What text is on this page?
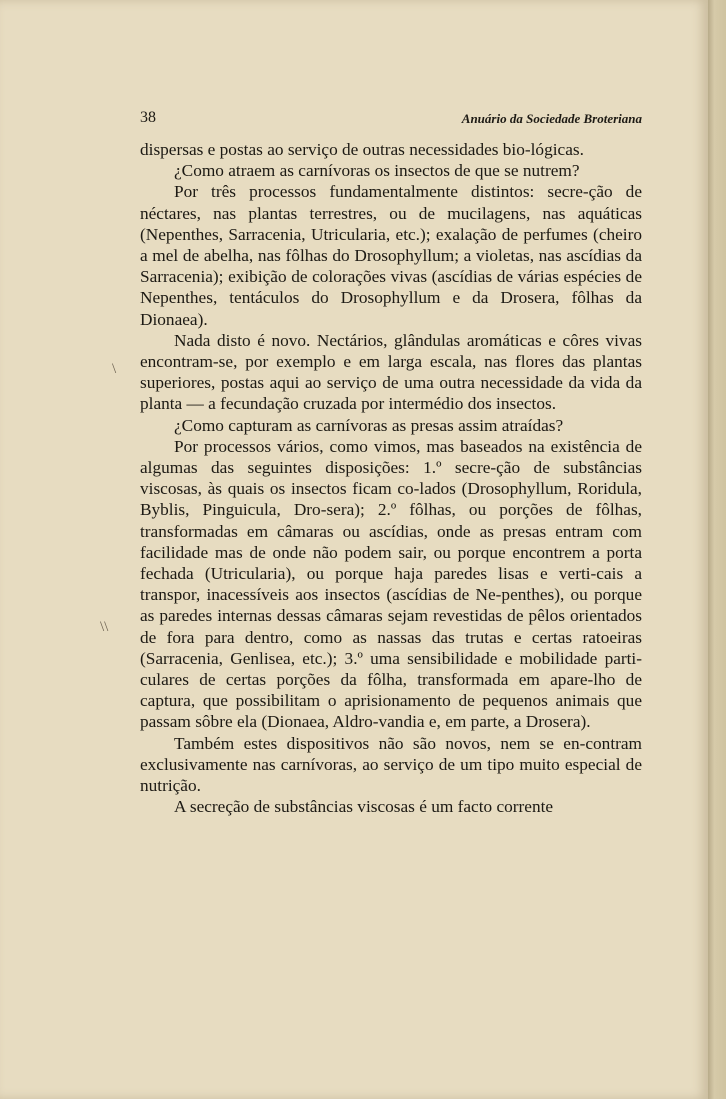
38	Anuário da Sociedade Broteriana

dispersas e postas ao serviço de outras necessidades bio-lógicas.

¿Como atraem as carnívoras os insectos de que se nutrem?

Por três processos fundamentalmente distintos: secre-ção de néctares, nas plantas terrestres, ou de mucilagens, nas aquáticas (Nepenthes, Sarracenia, Utricularia, etc.); exalação de perfumes (cheiro a mel de abelha, nas fôlhas do Drosophyllum; a violetas, nas ascídias da Sarracenia); exibição de colorações vivas (ascídias de várias espécies de Nepenthes, tentáculos do Drosophyllum e da Drosera, fôlhas da Dionaea).

Nada disto é novo. Nectários, glândulas aromáticas e côres vivas encontram-se, por exemplo e em larga escala, nas flores das plantas superiores, postas aqui ao serviço de uma outra necessidade da vida da planta — a fecundação cruzada por intermédio dos insectos.

¿Como capturam as carnívoras as presas assim atraídas?

Por processos vários, como vimos, mas baseados na existência de algumas das seguintes disposições: 1.º secre-ção de substâncias viscosas, às quais os insectos ficam co-lados (Drosophyllum, Roridula, Byblis, Pinguicula, Dro-sera); 2.º fôlhas, ou porções de fôlhas, transformadas em câmaras ou ascídias, onde as presas entram com facilidade mas de onde não podem sair, ou porque encontrem a porta fechada (Utricularia), ou porque haja paredes lisas e verti-cais a transpor, inacessíveis aos insectos (ascídias de Ne-penthes), ou porque as paredes internas dessas câmaras sejam revestidas de pêlos orientados de fora para dentro, como as nassas das trutas e certas ratoeiras (Sarracenia, Genlisea, etc.); 3.º uma sensibilidade e mobilidade parti-culares de certas porções da fôlha, transformada em apare-lho de captura, que possibilitam o aprisionamento de pequenos animais que passam sôbre ela (Dionaea, Aldro-vandia e, em parte, a Drosera).

Também estes dispositivos não são novos, nem se en-contram exclusivamente nas carnívoras, ao serviço de um tipo muito especial de nutrição.

A secreção de substâncias viscosas é um facto corrente

\
\\
